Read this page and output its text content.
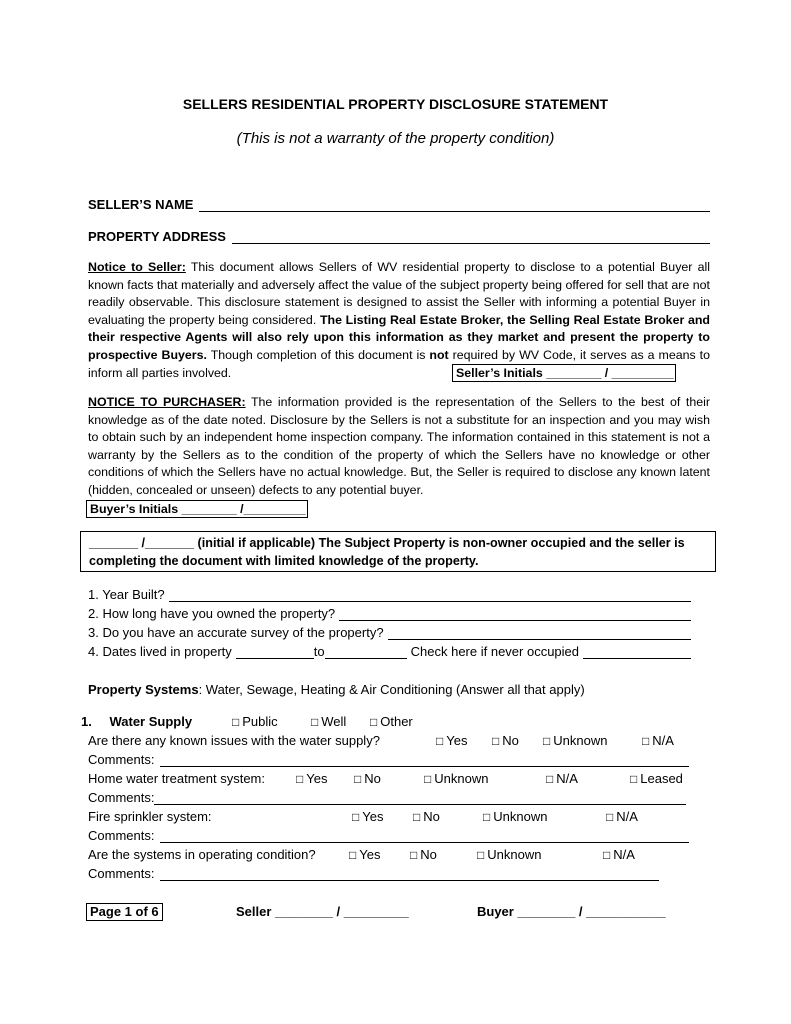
SELLERS RESIDENTIAL PROPERTY DISCLOSURE STATEMENT
(This is not a warranty of the property condition)
SELLER’S NAME
PROPERTY ADDRESS
Notice to Seller: This document allows Sellers of WV residential property to disclose to a potential Buyer all known facts that materially and adversely affect the value of the subject property being offered for sell that are not readily observable. This disclosure statement is designed to assist the Seller with informing a potential Buyer in evaluating the property being considered. The Listing Real Estate Broker, the Selling Real Estate Broker and their respective Agents will also rely upon this information as they market and present the property to prospective Buyers. Though completion of this document is not required by WV Code, it serves as a means to inform all parties involved.	Seller’s Initials ________ / _________
NOTICE TO PURCHASER: The information provided is the representation of the Sellers to the best of their knowledge as of the date noted. Disclosure by the Sellers is not a substitute for an inspection and you may wish to obtain such by an independent home inspection company. The information contained in this statement is not a warranty by the Sellers as to the condition of the property of which the Sellers have no knowledge or other conditions of which the Sellers have no actual knowledge. But, the Seller is required to disclose any known latent (hidden, concealed or unseen) defects to any potential buyer.
Buyer’s Initials ________ /_________
_______ /_______ (initial if applicable) The Subject Property is non-owner occupied and the seller is completing the document with limited knowledge of the property.
1. Year Built?
2. How long have you owned the property?
3. Do you have an accurate survey of the property?
4. Dates lived in property	to	Check here if never occupied
Property Systems: Water, Sewage, Heating & Air Conditioning (Answer all that apply)
1. Water Supply	□ Public	□ Well	□ Other
Are there any known issues with the water supply?	□ Yes	□ No	□ Unknown	□ N/A
Comments:
Home water treatment system:	□ Yes	□ No	□ Unknown	□ N/A	□ Leased
Comments:
Fire sprinkler system:	□ Yes	□ No	□ Unknown	□ N/A
Comments:
Are the systems in operating condition?	□ Yes	□ No	□ Unknown	□ N/A
Comments:
Page 1 of 6	Seller ________ / _________	Buyer ________ / ___________
